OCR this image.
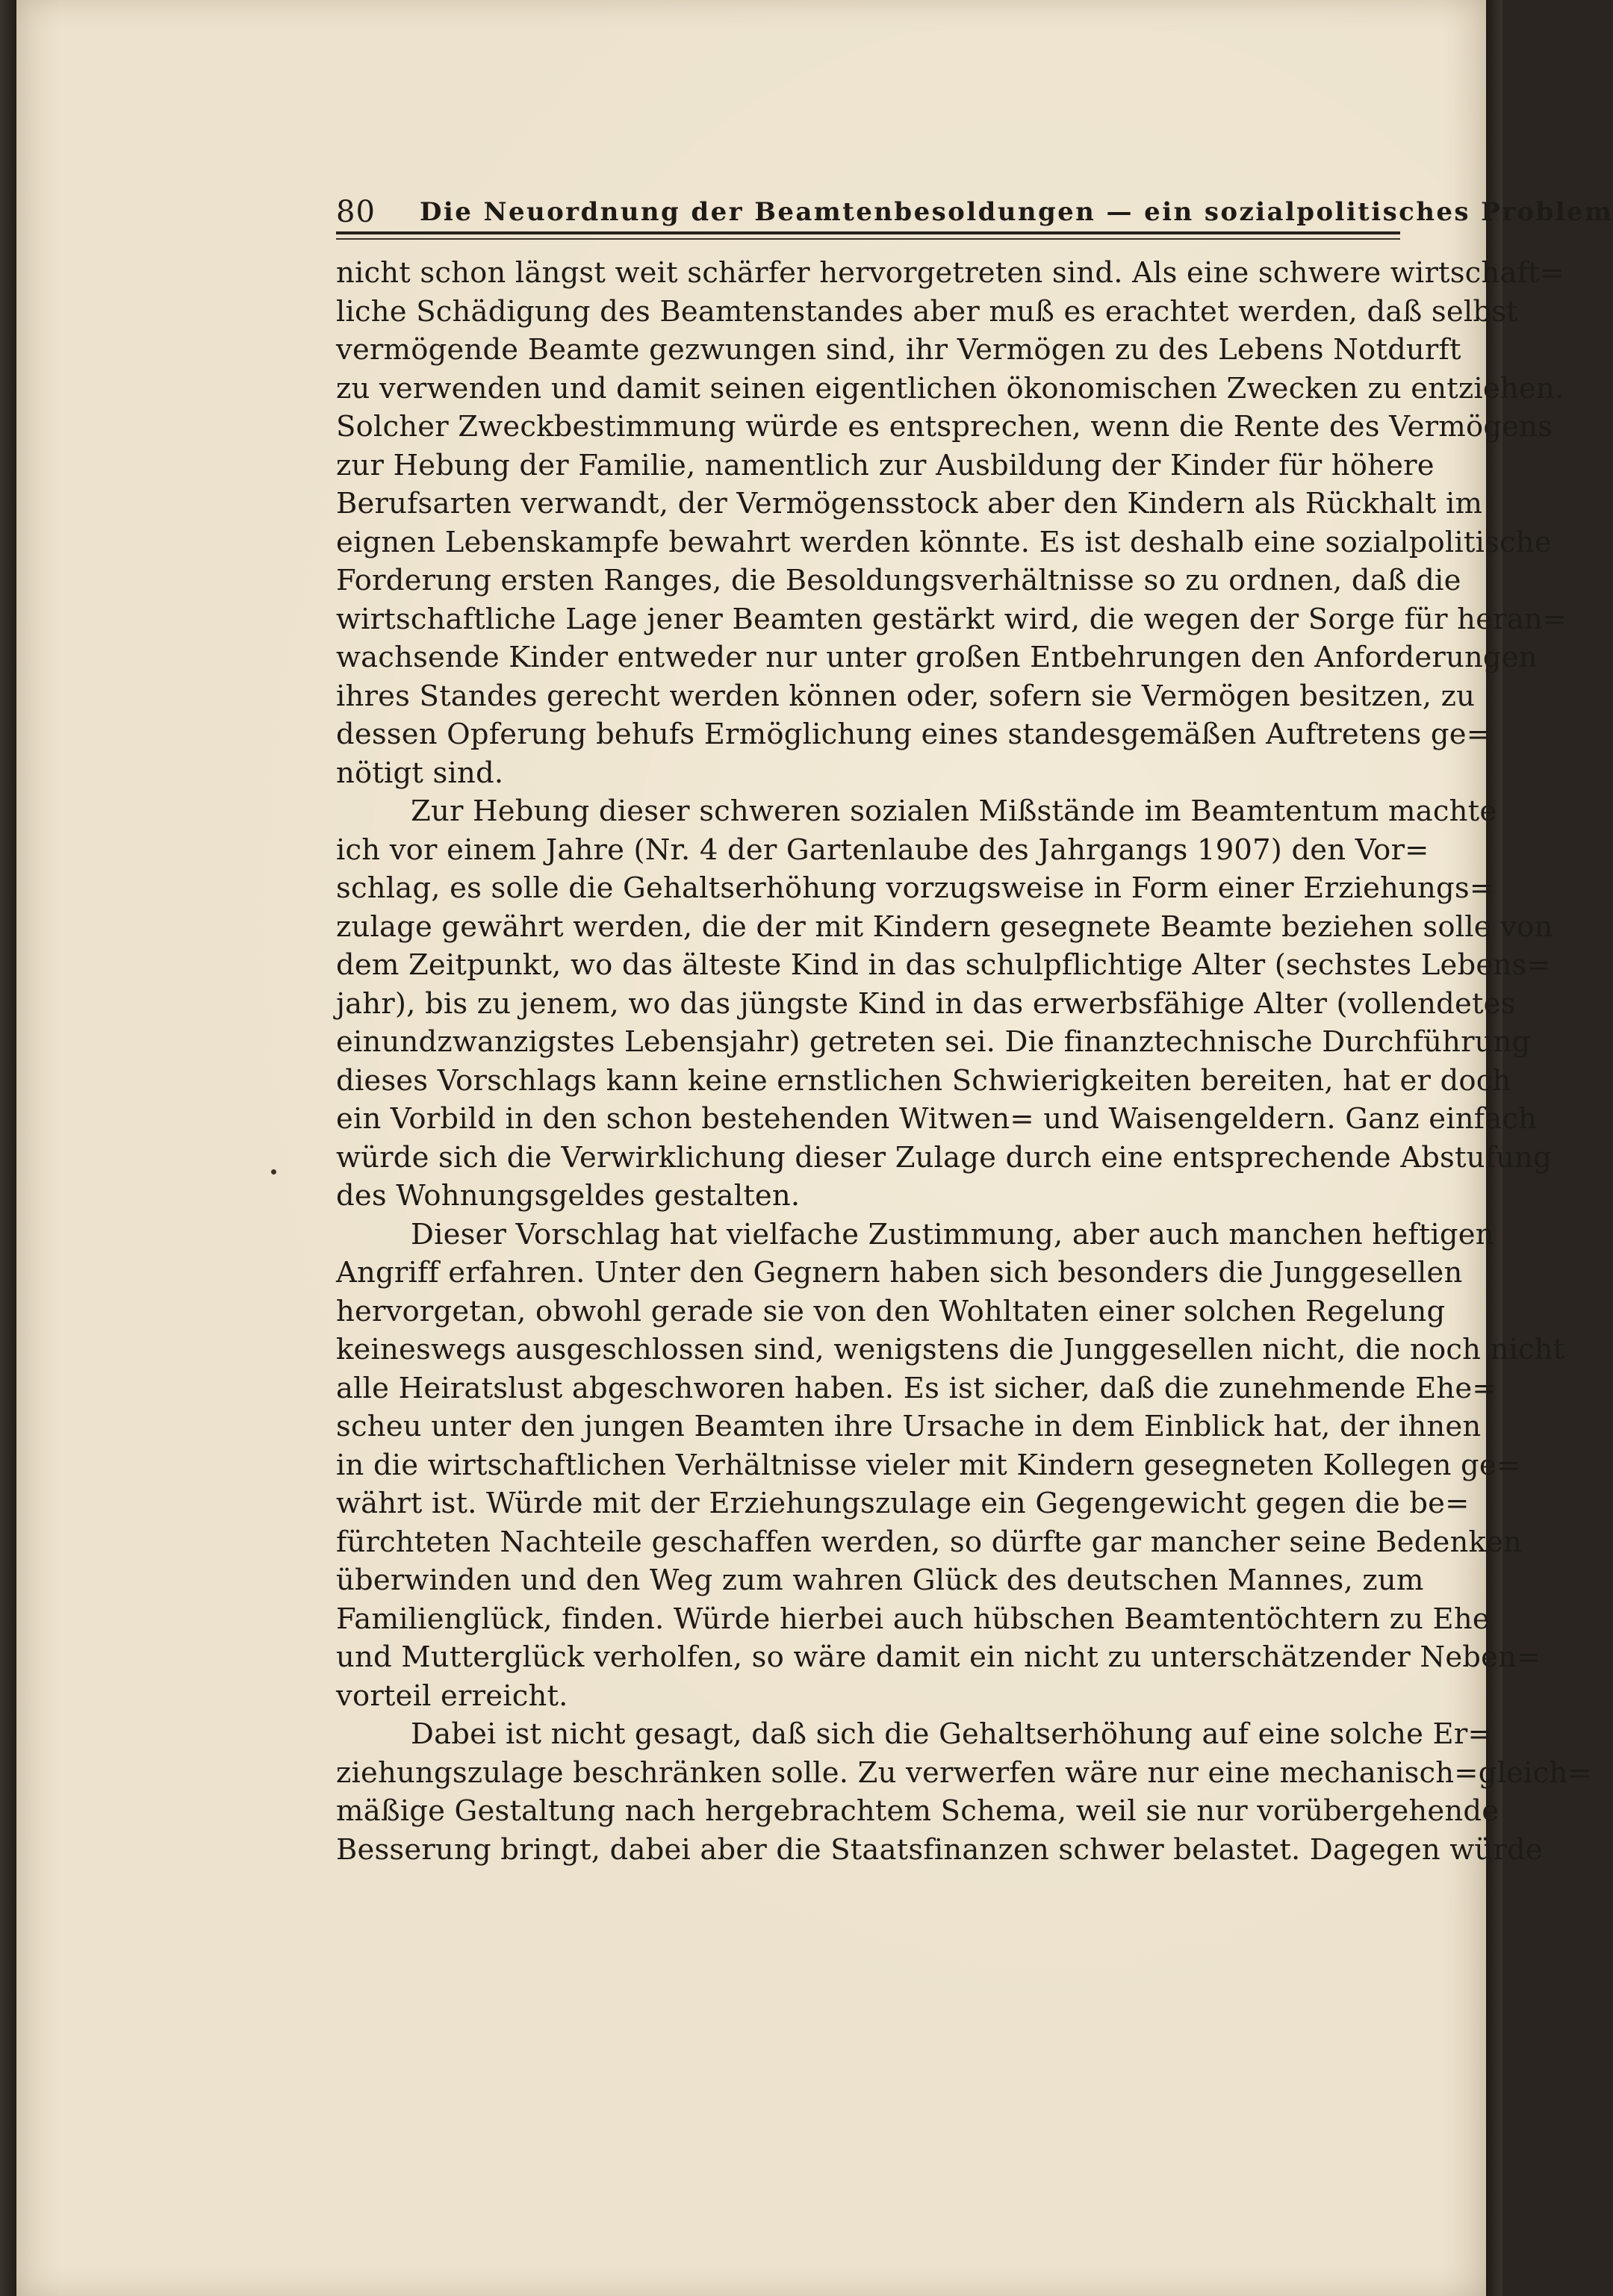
80 Die Neuordnung der Beamtenbesoldungen — ein sozialpolitisches Problem
nicht schon längst weit schärfer hervorgetreten sind. Als eine schwere wirtschaft=
liche Schädigung des Beamtenstandes aber muß es erachtet werden, daß selbst
vermögende Beamte gezwungen sind, ihr Vermögen zu des Lebens Notdurft
zu verwenden und damit seinen eigentlichen ökonomischen Zwecken zu entziehen.
Solcher Zweckbestimmung würde es entsprechen, wenn die Rente des Vermögens
zur Hebung der Familie, namentlich zur Ausbildung der Kinder für höhere
Berufsarten verwandt, der Vermögensstock aber den Kindern als Rückhalt im
eignen Lebenskampfe bewahrt werden könnte. Es ist deshalb eine sozialpolitische
Forderung ersten Ranges, die Besoldungsverhältnisse so zu ordnen, daß die
wirtschaftliche Lage jener Beamten gestärkt wird, die wegen der Sorge für heran=
wachsende Kinder entweder nur unter großen Entbehrungen den Anforderungen
ihres Standes gerecht werden können oder, sofern sie Vermögen besitzen, zu
dessen Opferung behufs Ermöglichung eines standesgemäßen Auftretens ge=
nötigt sind.
Zur Hebung dieser schweren sozialen Mißstände im Beamtentum machte
ich vor einem Jahre (Nr. 4 der Gartenlaube des Jahrgangs 1907) den Vor=
schlag, es solle die Gehaltserhöhung vorzugsweise in Form einer Erziehungs=
zulage gewährt werden, die der mit Kindern gesegnete Beamte beziehen solle von
dem Zeitpunkt, wo das älteste Kind in das schulpflichtige Alter (sechstes Lebens=
jahr), bis zu jenem, wo das jüngste Kind in das erwerbsfähige Alter (vollendetes
einundzwanzigstes Lebensjahr) getreten sei. Die finanztechnische Durchführung
dieses Vorschlags kann keine ernstlichen Schwierigkeiten bereiten, hat er doch
ein Vorbild in den schon bestehenden Witwen= und Waisengeldern. Ganz einfach
würde sich die Verwirklichung dieser Zulage durch eine entsprechende Abstufung
des Wohnungsgeldes gestalten.
Dieser Vorschlag hat vielfache Zustimmung, aber auch manchen heftigen
Angriff erfahren. Unter den Gegnern haben sich besonders die Junggesellen
hervorgetan, obwohl gerade sie von den Wohltaten einer solchen Regelung
keineswegs ausgeschlossen sind, wenigstens die Junggesellen nicht, die noch nicht
alle Heiratslust abgeschworen haben. Es ist sicher, daß die zunehmende Ehe=
scheu unter den jungen Beamten ihre Ursache in dem Einblick hat, der ihnen
in die wirtschaftlichen Verhältnisse vieler mit Kindern gesegneten Kollegen ge=
währt ist. Würde mit der Erziehungszulage ein Gegengewicht gegen die be=
fürchteten Nachteile geschaffen werden, so dürfte gar mancher seine Bedenken
überwinden und den Weg zum wahren Glück des deutschen Mannes, zum
Familienglück, finden. Würde hierbei auch hübschen Beamtentöchtern zu Ehe
und Mutterglück verholfen, so wäre damit ein nicht zu unterschätzender Neben=
vorteil erreicht.
Dabei ist nicht gesagt, daß sich die Gehaltserhöhung auf eine solche Er=
ziehungszulage beschränken solle. Zu verwerfen wäre nur eine mechanisch=gleich=
mäßige Gestaltung nach hergebrachtem Schema, weil sie nur vorübergehende
Besserung bringt, dabei aber die Staatsfinanzen schwer belastet. Dagegen würde
